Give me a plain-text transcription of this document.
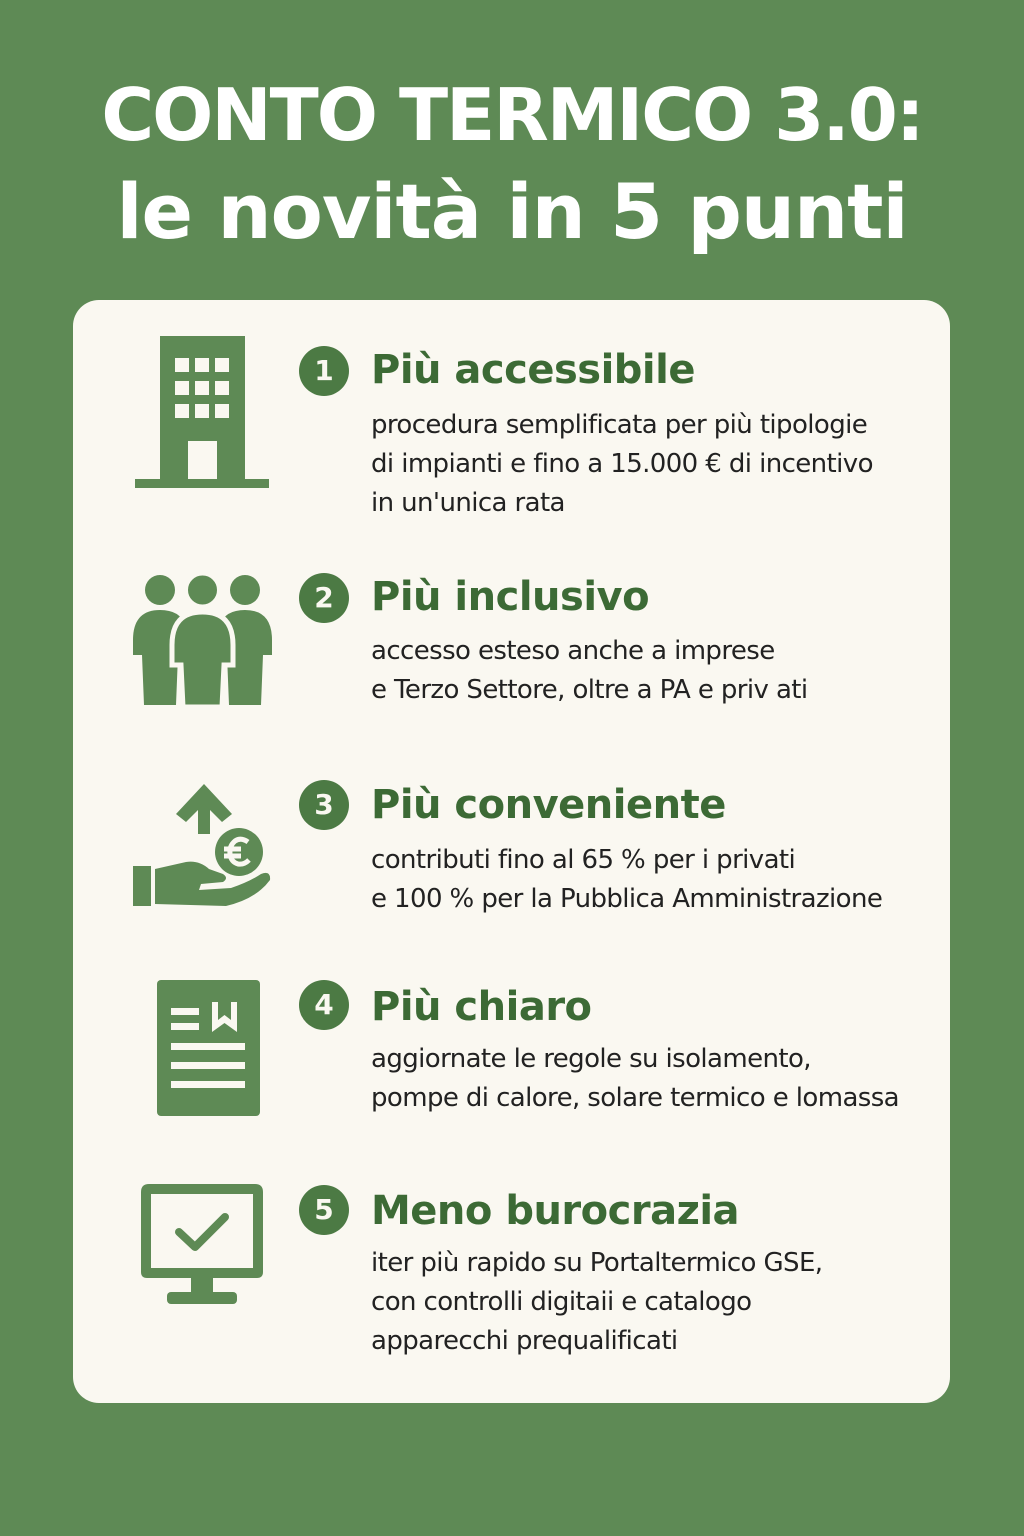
CONTO TERMICO 3.0:
le novità in 5 punti
1 Più accessibile
procedura semplificata per più tipologie
di impianti e fino a 15.000 € di incentivo
in un'unica rata
2 Più inclusivo
accesso esteso anche a imprese
e Terzo Settore, oltre a PA e priv ati
3 Più conveniente
contributi fino al 65 % per i privati
e 100 % per la Pubblica Amministrazione
4 Più chiaro
aggiornate le regole su isolamento,
pompe di calore, solare termico e lomassa
5 Meno burocrazia
iter più rapido su Portaltermico GSE,
con controlli digitaii e catalogo
apparecchi prequalificati
